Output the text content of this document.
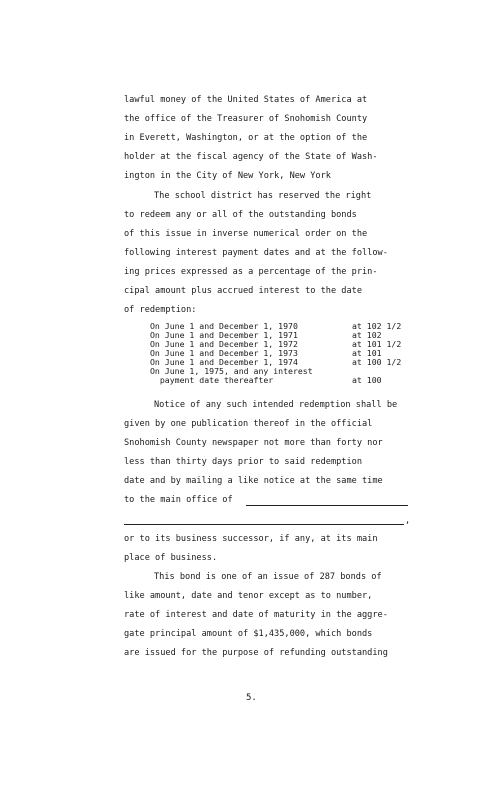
lawful money of the United States of America at
the office of the Treasurer of Snohomish County
in Everett, Washington, or at the option of the
holder at the fiscal agency of the State of Wash-
ington in the City of New York, New York
The school district has reserved the right
to redeem any or all of the outstanding bonds
of this issue in inverse numerical order on the
following interest payment dates and at the follow-
ing prices expressed as a percentage of the prin-
cipal amount plus accrued interest to the date
of redemption:
On June 1 and December 1, 1970	at 102 1/2
On June 1 and December 1, 1971	at 102
On June 1 and December 1, 1972	at 101 1/2
On June 1 and December 1, 1973	at 101
On June 1 and December 1, 1974	at 100 1/2
On June 1, 1975, and any interest
payment date thereafter	at 100
Notice of any such intended redemption shall be
given by one publication thereof in the official
Snohomish County newspaper not more than forty nor
less than thirty days prior to said redemption
date and by mailing a like notice at the same time
to the main office of
,
or to its business successor, if any, at its main
place of business.
This bond is one of an issue of 287 bonds of
like amount, date and tenor except as to number,
rate of interest and date of maturity in the aggre-
gate principal amount of $1,435,000, which bonds
are issued for the purpose of refunding outstanding
5.
